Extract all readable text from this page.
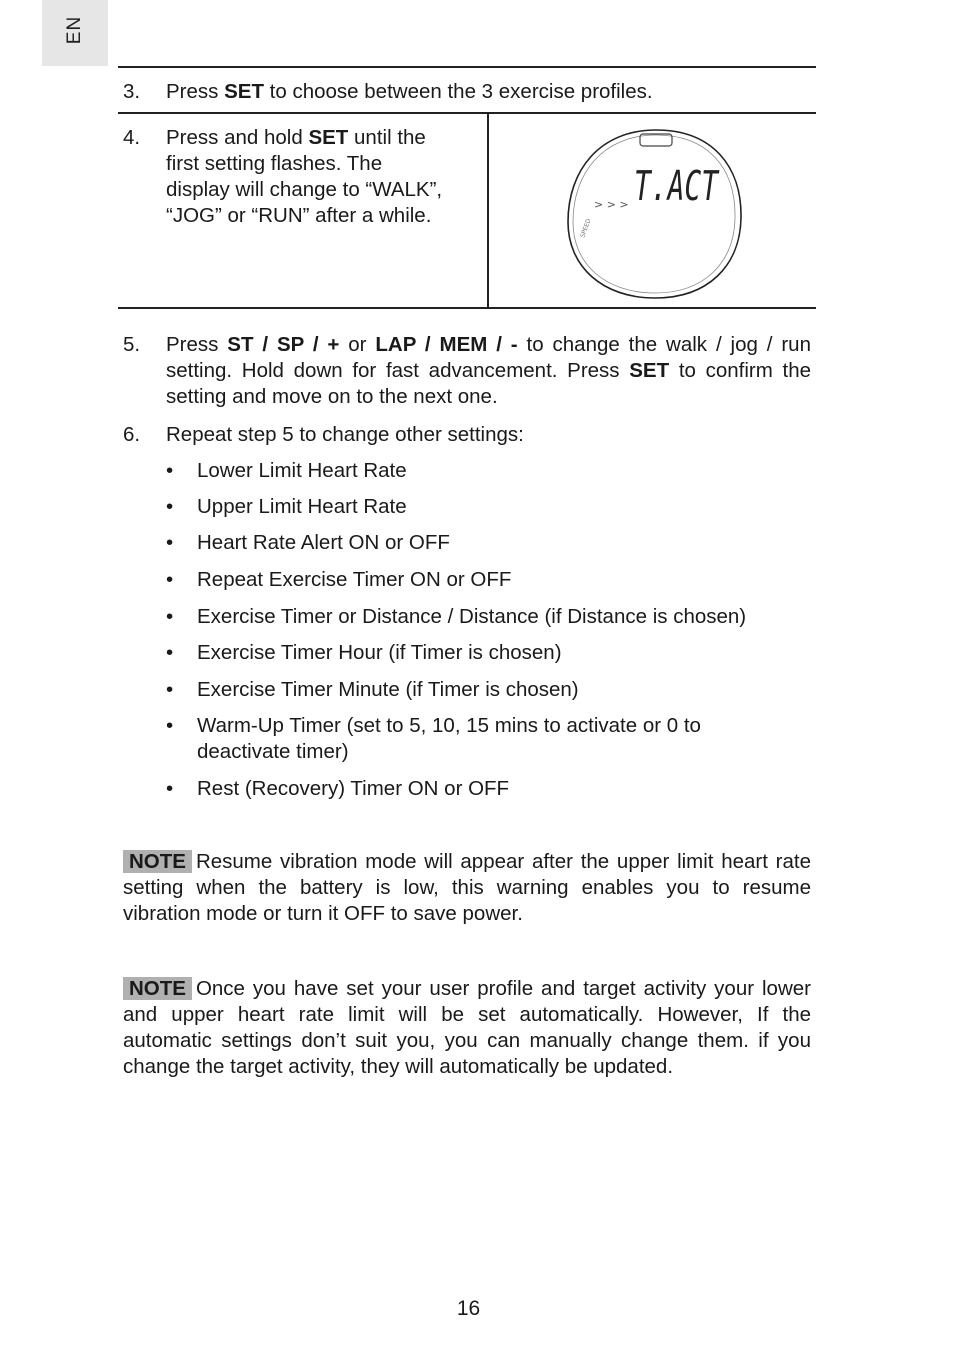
EN
3. Press SET to choose between the 3 exercise profiles.
4. Press and hold SET until the
first setting flashes. The
display will change to “WALK”,
“JOG” or “RUN” after a while.
T.ACT
> > >
SPEED
5. Press ST / SP / + or LAP / MEM / - to change the walk / jog / run setting. Hold down for fast advancement. Press SET to confirm the setting and move on to the next one.
6. Repeat step 5 to change other settings:
• Lower Limit Heart Rate
• Upper Limit Heart Rate
• Heart Rate Alert ON or OFF
• Repeat Exercise Timer ON or OFF
• Exercise Timer or Distance / Distance (if Distance is chosen)
• Exercise Timer Hour (if Timer is chosen)
• Exercise Timer Minute (if Timer is chosen)
• Warm-Up Timer (set to 5, 10, 15 mins to activate or 0 to deactivate timer)
• Rest (Recovery) Timer ON or OFF
NOTE Resume vibration mode will appear after the upper limit heart rate setting when the battery is low, this warning enables you to resume vibration mode or turn it OFF to save power.
NOTE Once you have set your user profile and target activity your lower and upper heart rate limit will be set automatically. However, If the automatic settings don’t suit you, you can manually change them. if you change the target activity, they will automatically be updated.
16
